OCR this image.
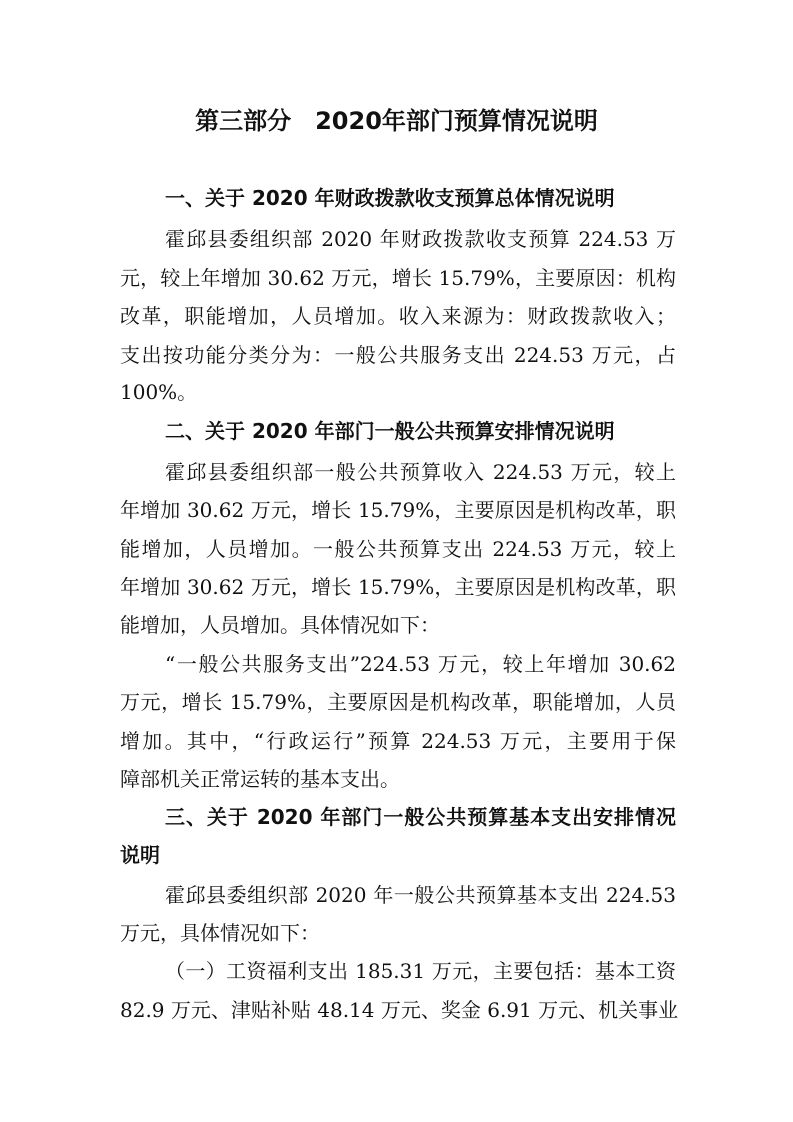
第三部分　2020年部门预算情况说明
一、关于 2020 年财政拨款收支预算总体情况说明
霍邱县委组织部 2020 年财政拨款收支预算 224.53 万
元，较上年增加 30.62 万元，增长 15.79%，主要原因：机构
改革，职能增加，人员增加。收入来源为：财政拨款收入；
支出按功能分类分为：一般公共服务支出 224.53 万元，占
100%。
二、关于 2020 年部门一般公共预算安排情况说明
霍邱县委组织部一般公共预算收入 224.53 万元，较上
年增加 30.62 万元，增长 15.79%，主要原因是机构改革，职
能增加，人员增加。一般公共预算支出 224.53 万元，较上
年增加 30.62 万元，增长 15.79%，主要原因是机构改革，职
能增加，人员增加。具体情况如下：
“一般公共服务支出”224.53 万元，较上年增加 30.62
万元，增长 15.79%，主要原因是机构改革，职能增加，人员
增加。其中，“行政运行”预算 224.53 万元，主要用于保
障部机关正常运转的基本支出。
三、关于 2020 年部门一般公共预算基本支出安排情况
说明
霍邱县委组织部 2020 年一般公共预算基本支出 224.53
万元，具体情况如下：
（一）工资福利支出 185.31 万元，主要包括：基本工资
82.9 万元、津贴补贴 48.14 万元、奖金 6.91 万元、机关事业
